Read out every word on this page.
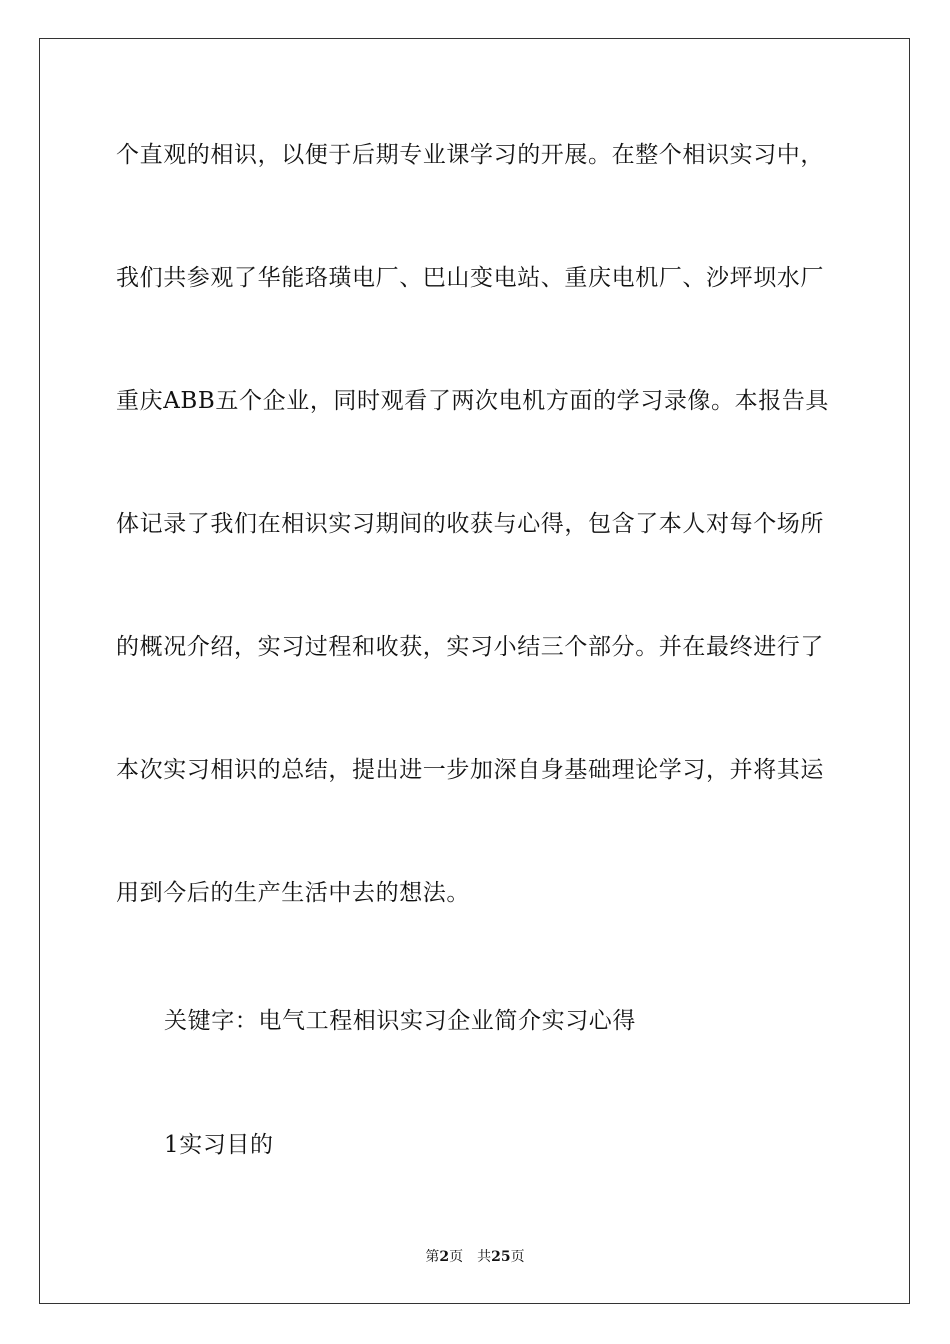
个直观的相识，以便于后期专业课学习的开展。在整个相识实习中，
我们共参观了华能珞璜电厂、巴山变电站、重庆电机厂、沙坪坝水厂
重庆ABB五个企业，同时观看了两次电机方面的学习录像。本报告具
体记录了我们在相识实习期间的收获与心得，包含了本人对每个场所
的概况介绍，实习过程和收获，实习小结三个部分。并在最终进行了
本次实习相识的总结，提出进一步加深自身基础理论学习，并将其运
用到今后的生产生活中去的想法。
关键字：电气工程相识实习企业简介实习心得
1实习目的
第2页 共25页
